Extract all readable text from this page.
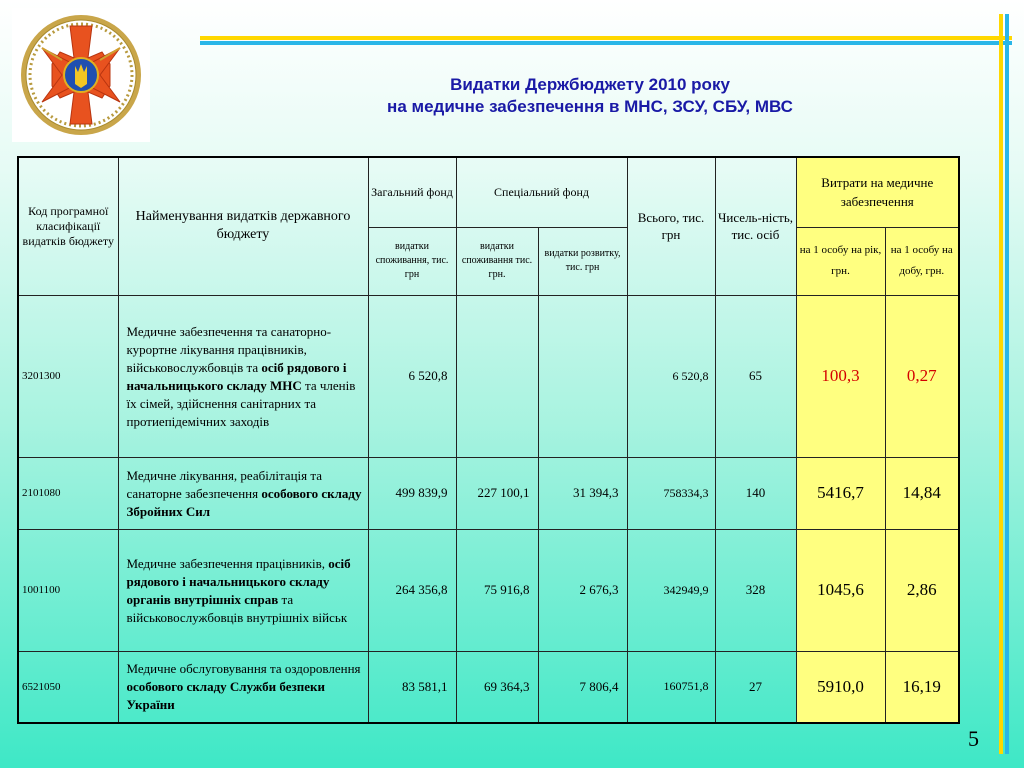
Видатки Держбюджету 2010 року
на медичне забезпечення в МНС, ЗСУ, СБУ, МВС
Код програмної класифікації видатків бюджету	Найменування видатків державного бюджету	Загальний фонд	Спеціальний фонд		Всього, тис. грн	Чисель-ність, тис. осіб	Витрати на медичне забезпечення	
		видатки споживання, тис. грн	видатки споживання тис. грн.	видатки розвитку, тис. грн			на 1 особу на рік, грн.	на 1 особу на добу, грн.
3201300	Медичне забезпечення та санаторно-курортне лікування працівників, військовослужбовців та осіб рядового і начальницького складу МНС та членів їх сімей, здійснення санітарних та протиепідемічних заходів	6 520,8			6 520,8	65	100,3	0,27
2101080	Медичне лікування, реабілітація та санаторне забезпечення особового складу Збройних Сил	499 839,9	227 100,1	31 394,3	758334,3	140	5416,7	14,84
1001100	Медичне забезпечення працівників, осіб рядового і начальницького складу органів внутрішніх справ та військовослужбовців внутрішніх військ	264 356,8	75 916,8	2 676,3	342949,9	328	1045,6	2,86
6521050	Медичне обслуговування та оздоровлення особового складу Служби безпеки України	83 581,1	69 364,3	7 806,4	160751,8	27	5910,0	16,19
5
